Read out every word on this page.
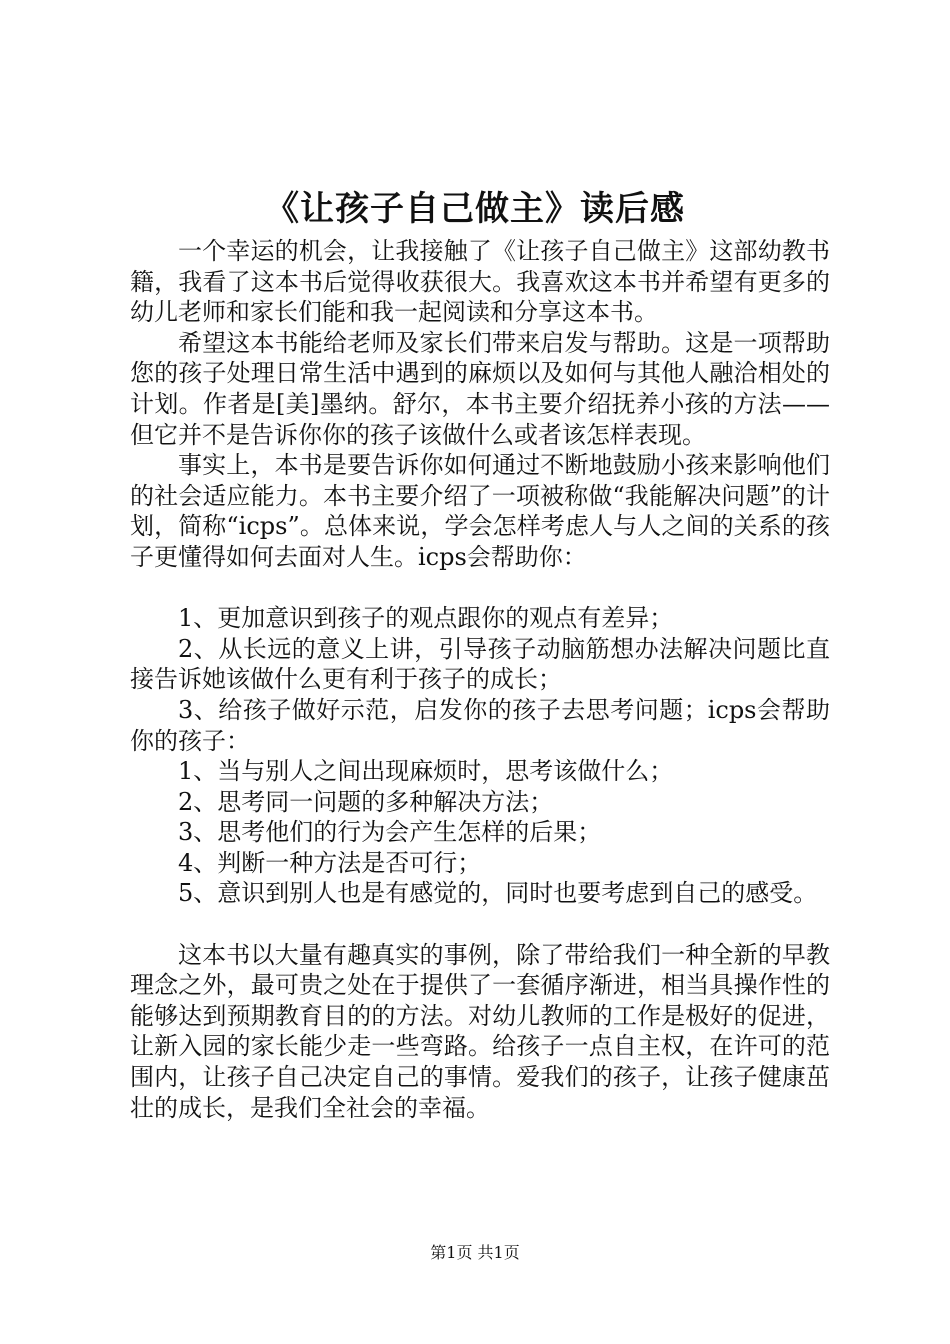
《让孩子自己做主》读后感

一个幸运的机会，让我接触了《让孩子自己做主》这部幼教书籍，我看了这本书后觉得收获很大。我喜欢这本书并希望有更多的幼儿老师和家长们能和我一起阅读和分享这本书。

希望这本书能给老师及家长们带来启发与帮助。这是一项帮助您的孩子处理日常生活中遇到的麻烦以及如何与其他人融洽相处的计划。作者是[美]墨纳。舒尔，本书主要介绍抚养小孩的方法——但它并不是告诉你你的孩子该做什么或者该怎样表现。

事实上，本书是要告诉你如何通过不断地鼓励小孩来影响他们的社会适应能力。本书主要介绍了一项被称做“我能解决问题”的计划，简称“icps”。总体来说，学会怎样考虑人与人之间的关系的孩子更懂得如何去面对人生。icps会帮助你：

1、更加意识到孩子的观点跟你的观点有差异；

2、从长远的意义上讲，引导孩子动脑筋想办法解决问题比直接告诉她该做什么更有利于孩子的成长；

3、给孩子做好示范，启发你的孩子去思考问题；icps会帮助你的孩子：

1、当与别人之间出现麻烦时，思考该做什么；

2、思考同一问题的多种解决方法；

3、思考他们的行为会产生怎样的后果；

4、判断一种方法是否可行；

5、意识到别人也是有感觉的，同时也要考虑到自己的感受。

这本书以大量有趣真实的事例，除了带给我们一种全新的早教理念之外，最可贵之处在于提供了一套循序渐进，相当具操作性的能够达到预期教育目的的方法。对幼儿教师的工作是极好的促进，让新入园的家长能少走一些弯路。给孩子一点自主权，在许可的范围内，让孩子自己决定自己的事情。爱我们的孩子，让孩子健康茁壮的成长，是我们全社会的幸福。

第1页 共1页
